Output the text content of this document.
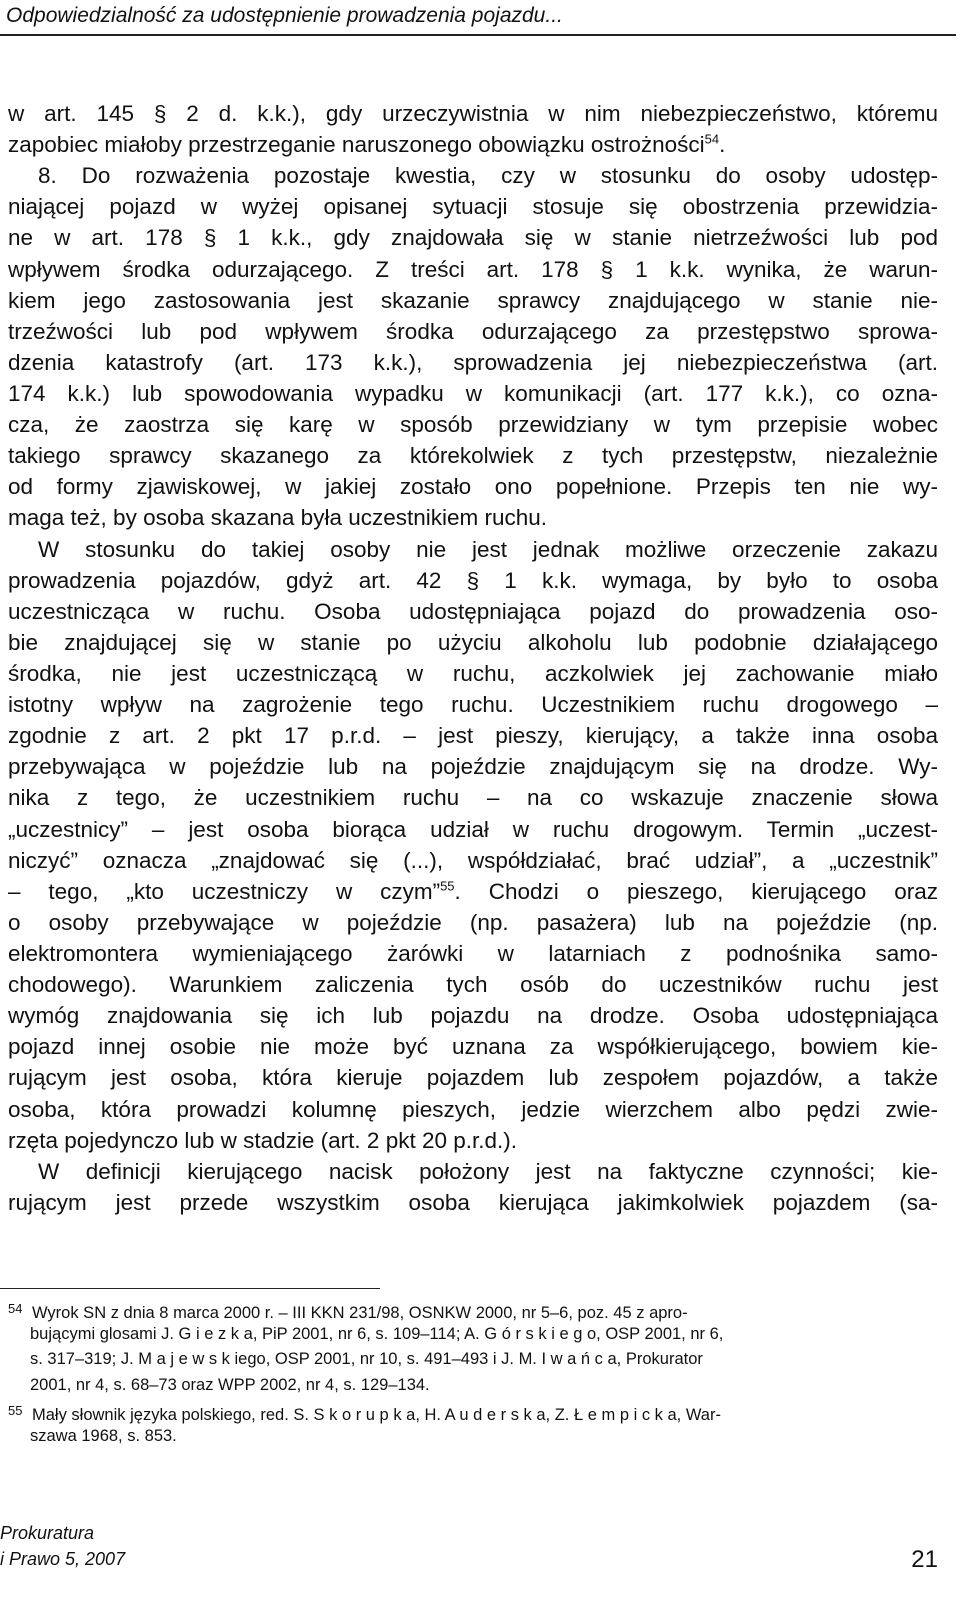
Odpowiedzialność za udostępnienie prowadzenia pojazdu...
w art. 145 § 2 d. k.k.), gdy urzeczywistnia w nim niebezpieczeństwo, któremu
zapobiec miałoby przestrzeganie naruszonego obowiązku ostrożności$^{54}$.
8. Do rozważenia pozostaje kwestia, czy w stosunku do osoby udostęp-
niającej pojazd w wyżej opisanej sytuacji stosuje się obostrzenia przewidzia-
ne w art. 178 § 1 k.k., gdy znajdowała się w stanie nietrzeźwości lub pod
wpływem środka odurzającego. Z treści art. 178 § 1 k.k. wynika, że warun-
kiem jego zastosowania jest skazanie sprawcy znajdującego w stanie nie-
trzeźwości lub pod wpływem środka odurzającego za przestępstwo sprowa-
dzenia katastrofy (art. 173 k.k.), sprowadzenia jej niebezpieczeństwa (art.
174 k.k.) lub spowodowania wypadku w komunikacji (art. 177 k.k.), co ozna-
cza, że zaostrza się karę w sposób przewidziany w tym przepisie wobec
takiego sprawcy skazanego za którekolwiek z tych przestępstw, niezależnie
od formy zjawiskowej, w jakiej zostało ono popełnione. Przepis ten nie wy-
maga też, by osoba skazana była uczestnikiem ruchu.
W stosunku do takiej osoby nie jest jednak możliwe orzeczenie zakazu
prowadzenia pojazdów, gdyż art. 42 § 1 k.k. wymaga, by było to osoba
uczestnicząca w ruchu. Osoba udostępniająca pojazd do prowadzenia oso-
bie znajdującej się w stanie po użyciu alkoholu lub podobnie działającego
środka, nie jest uczestniczącą w ruchu, aczkolwiek jej zachowanie miało
istotny wpływ na zagrożenie tego ruchu. Uczestnikiem ruchu drogowego –
zgodnie z art. 2 pkt 17 p.r.d. – jest pieszy, kierujący, a także inna osoba
przebywająca w pojeździe lub na pojeździe znajdującym się na drodze. Wy-
nika z tego, że uczestnikiem ruchu – na co wskazuje znaczenie słowa
„uczestnicy” – jest osoba biorąca udział w ruchu drogowym. Termin „uczest-
niczyć” oznacza „znajdować się (...), współdziałać, brać udział”, a „uczestnik”
– tego, „kto uczestniczy w czym”$^{55}$. Chodzi o pieszego, kierującego oraz
o osoby przebywające w pojeździe (np. pasażera) lub na pojeździe (np.
elektromontera wymieniającego żarówki w latarniach z podnośnika samo-
chodowego). Warunkiem zaliczenia tych osób do uczestników ruchu jest
wymóg znajdowania się ich lub pojazdu na drodze. Osoba udostępniająca
pojazd innej osobie nie może być uznana za współkierującego, bowiem kie-
rującym jest osoba, która kieruje pojazdem lub zespołem pojazdów, a także
osoba, która prowadzi kolumnę pieszych, jedzie wierzchem albo pędzi zwie-
rzęta pojedynczo lub w stadzie (art. 2 pkt 20 p.r.d.).
W definicji kierującego nacisk położony jest na faktyczne czynności; kie-
rującym jest przede wszystkim osoba kierująca jakimkolwiek pojazdem (sa-
54 Wyrok SN z dnia 8 marca 2000 r. – III KKN 231/98, OSNKW 2000, nr 5–6, poz. 45 z apro-
bującymi glosami J. G i e z k a, PiP 2001, nr 6, s. 109–114; A. G ó r s k i e g o, OSP 2001, nr 6,
s. 317–319; J. M a j e w s k iego, OSP 2001, nr 10, s. 491–493 i J. M. I w a ń c a, Prokurator
2001, nr 4, s. 68–73 oraz WPP 2002, nr 4, s. 129–134.
55 Mały słownik języka polskiego, red. S. S k o r u p k a, H. A u d e r s k a, Z. Ł e m p i c k a, War-
szawa 1968, s. 853.
Prokuratura
i Prawo 5, 2007	21
